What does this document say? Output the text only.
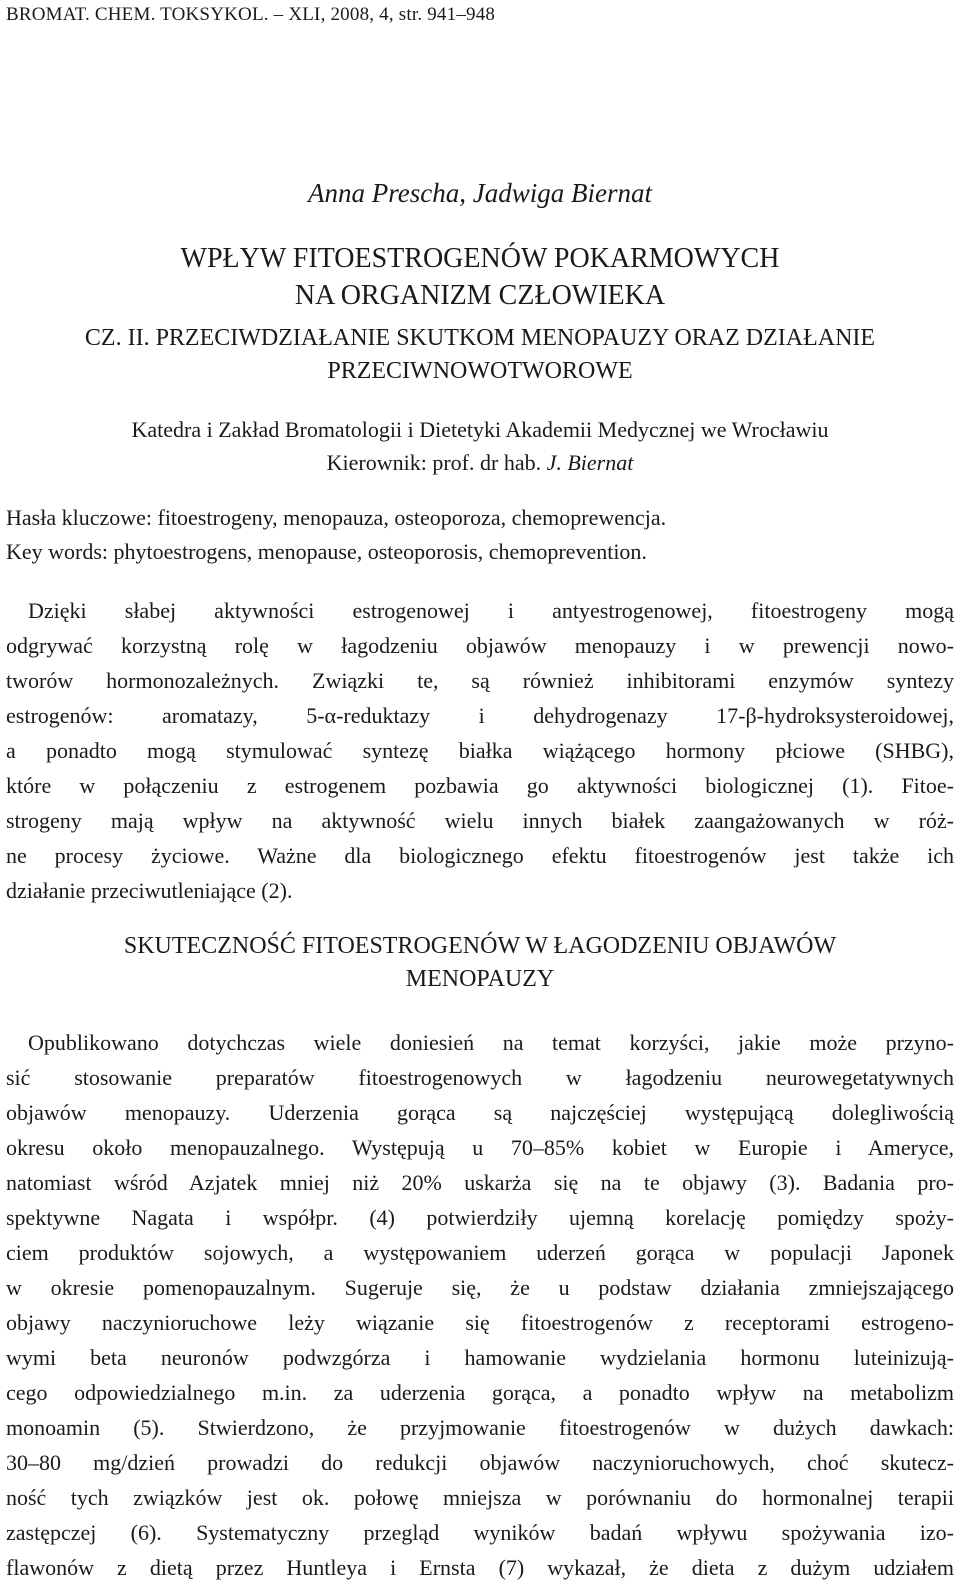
BROMAT. CHEM. TOKSYKOL. – XLI, 2008, 4, str. 941–948
Anna Prescha, Jadwiga Biernat
WPŁYW FITOESTROGENÓW POKARMOWYCH
NA ORGANIZM CZŁOWIEKA
CZ. II. PRZECIWDZIAŁANIE SKUTKOM MENOPAUZY ORAZ DZIAŁANIE
PRZECIWNOWOTWOROWE
Katedra i Zakład Bromatologii i Dietetyki Akademii Medycznej we Wrocławiu
Kierownik: prof. dr hab. J. Biernat
Hasła kluczowe: fitoestrogeny, menopauza, osteoporoza, chemoprewencja.
Key words: phytoestrogens, menopause, osteoporosis, chemoprevention.
Dzięki słabej aktywności estrogenowej i antyestrogenowej, fitoestrogeny mogą
odgrywać korzystną rolę w łagodzeniu objawów menopauzy i w prewencji nowo-
tworów hormonozależnych. Związki te, są również inhibitorami enzymów syntezy
estrogenów: aromatazy, 5-α-reduktazy i dehydrogenazy 17-β-hydroksysteroidowej,
a ponadto mogą stymulować syntezę białka wiążącego hormony płciowe (SHBG),
które w połączeniu z estrogenem pozbawia go aktywności biologicznej (1). Fitoe-
strogeny mają wpływ na aktywność wielu innych białek zaangażowanych w róż-
ne procesy życiowe. Ważne dla biologicznego efektu fitoestrogenów jest także ich
działanie przeciwutleniające (2).
SKUTECZNOŚĆ FITOESTROGENÓW W ŁAGODZENIU OBJAWÓW
MENOPAUZY
Opublikowano dotychczas wiele doniesień na temat korzyści, jakie może przyno-
sić stosowanie preparatów fitoestrogenowych w łagodzeniu neurowegetatywnych
objawów menopauzy. Uderzenia gorąca są najczęściej występującą dolegliwością
okresu około menopauzalnego. Występują u 70–85% kobiet w Europie i Ameryce,
natomiast wśród Azjatek mniej niż 20% uskarża się na te objawy (3). Badania pro-
spektywne Nagata i współpr. (4) potwierdziły ujemną korelację pomiędzy spoży-
ciem produktów sojowych, a występowaniem uderzeń gorąca w populacji Japonek
w okresie pomenopauzalnym. Sugeruje się, że u podstaw działania zmniejszającego
objawy naczynioruchowe leży wiązanie się fitoestrogenów z receptorami estrogeno-
wymi beta neuronów podwzgórza i hamowanie wydzielania hormonu luteinizują-
cego odpowiedzialnego m.in. za uderzenia gorąca, a ponadto wpływ na metabolizm
monoamin (5). Stwierdzono, że przyjmowanie fitoestrogenów w dużych dawkach:
30–80 mg/dzień prowadzi do redukcji objawów naczynioruchowych, choć skutecz-
ność tych związków jest ok. połowę mniejsza w porównaniu do hormonalnej terapii
zastępczej (6). Systematyczny przegląd wyników badań wpływu spożywania izo-
flawonów z dietą przez Huntleya i Ernsta (7) wykazał, że dieta z dużym udziałem
